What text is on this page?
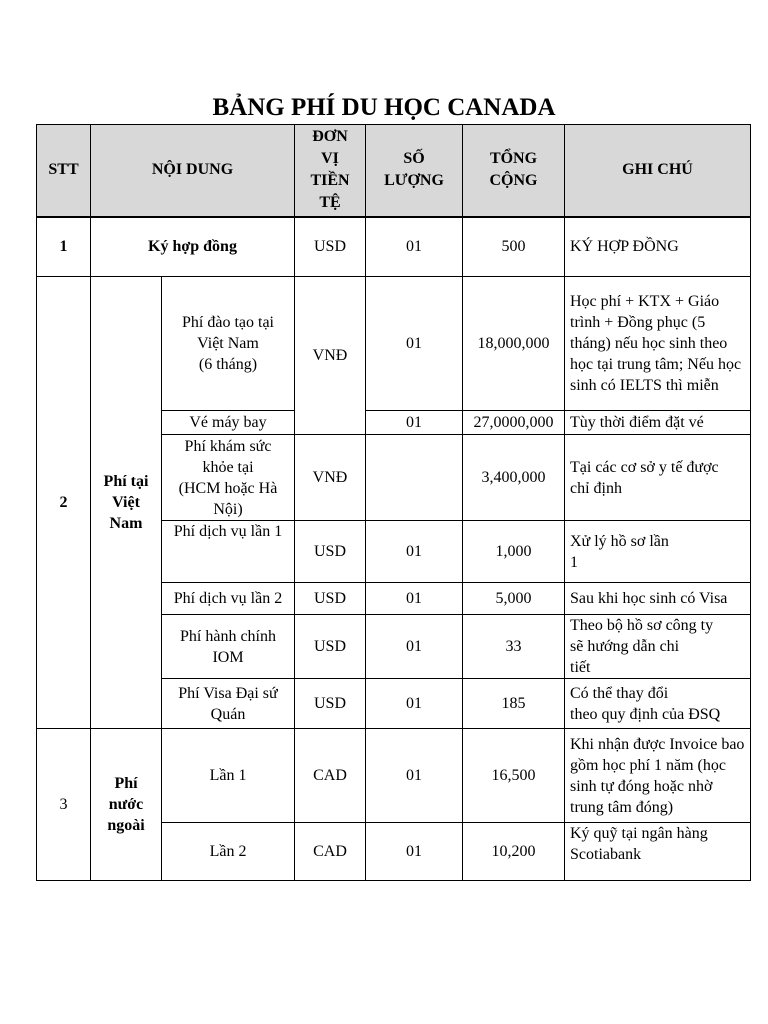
BẢNG PHÍ DU HỌC CANADA
STT	NỘI DUNG		ĐƠN
VỊ
TIỀN
TỆ	SỐ
LƯỢNG	TỔNG
CỘNG	GHI CHÚ
1	Ký hợp đồng		USD	01	500	KÝ HỢP ĐỒNG
2	Phí tại
Việt
Nam	Phí đào tạo tại
Việt Nam
(6 tháng)	VNĐ	01	18,000,000	Học phí + KTX + Giáo trình + Đồng phục (5 tháng) nếu học sinh theo học tại trung tâm; Nếu học sinh có IELTS thì miễn
		Vé máy bay		01	27,0000,000	Tùy thời điểm đặt vé
		Phí khám sức
khỏe tại
(HCM hoặc Hà
Nội)	VNĐ		3,400,000	Tại các cơ sở y tế được
chỉ định
		Phí dịch vụ lần 1	USD	01	1,000	Xử lý hồ sơ lần
1
		Phí dịch vụ lần 2	USD	01	5,000	Sau khi học sinh có Visa
		Phí hành chính
IOM	USD	01	33	Theo bộ hồ sơ công ty
sẽ hướng dẫn chi
tiết
		Phí Visa Đại sứ
Quán	USD	01	185	Có thể thay đổi
theo quy định của ĐSQ
3	Phí
nước
ngoài	Lần 1	CAD	01	16,500	Khi nhận được Invoice bao gồm học phí 1 năm (học sinh tự đóng hoặc nhờ trung tâm đóng)
		Lần 2	CAD	01	10,200	Ký quỹ tại ngân hàng
Scotiabank
